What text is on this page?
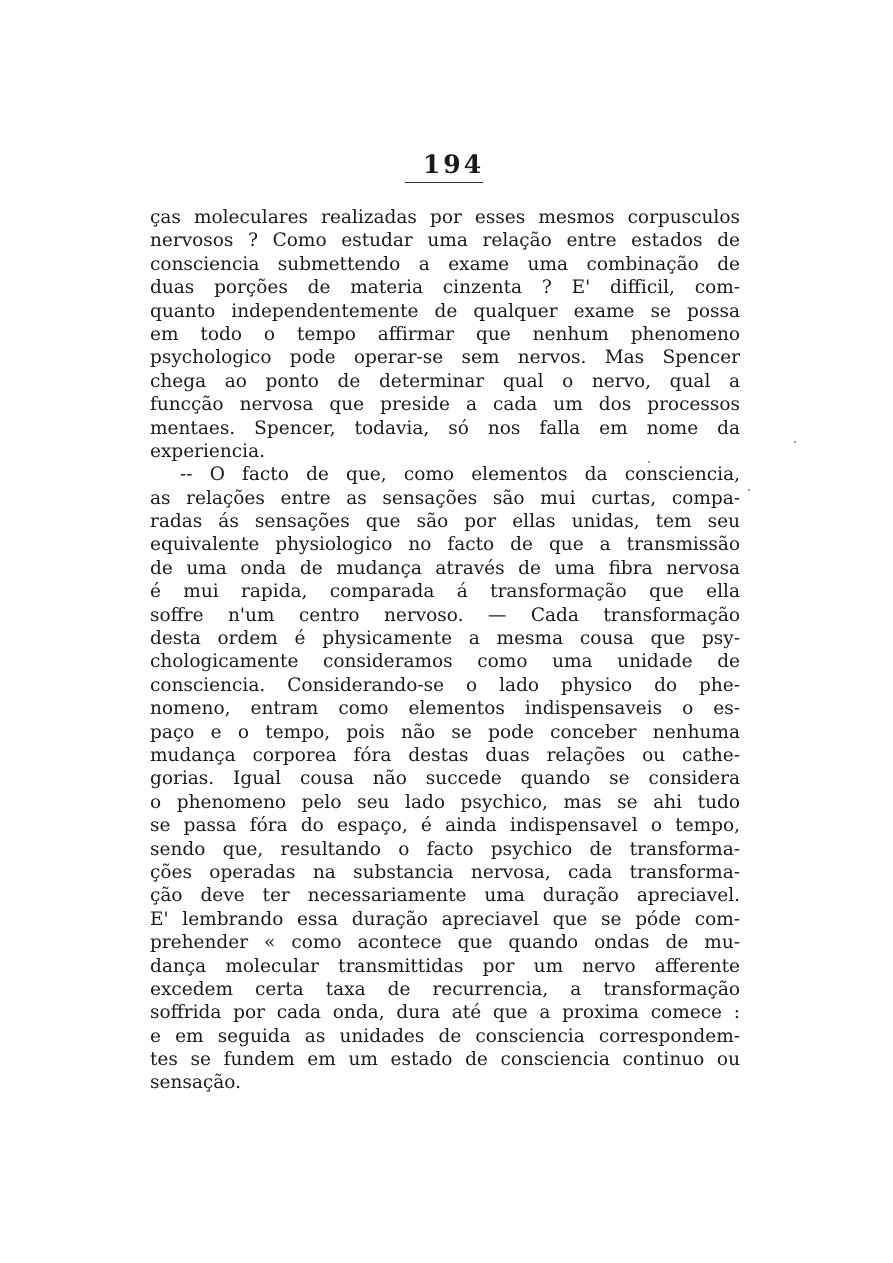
194
ças moleculares realizadas por esses mesmos corpusculos
nervosos ? Como estudar uma relação entre estados de
consciencia submettendo a exame uma combinação de
duas porções de materia cinzenta ? E' difficil, com-
quanto independentemente de qualquer exame se possa
em todo o tempo affirmar que nenhum phenomeno
psychologico pode operar-se sem nervos. Mas Spencer
chega ao ponto de determinar qual o nervo, qual a
funcção nervosa que preside a cada um dos processos
mentaes. Spencer, todavia, só nos falla em nome da
experiencia.
-- O facto de que, como elementos da consciencia,
as relações entre as sensações são mui curtas, compa-
radas ás sensações que são por ellas unidas, tem seu
equivalente physiologico no facto de que a transmissão
de uma onda de mudança através de uma fibra nervosa
é mui rapida, comparada á transformação que ella
soffre n'um centro nervoso. — Cada transformação
desta ordem é physicamente a mesma cousa que psy-
chologicamente consideramos como uma unidade de
consciencia. Considerando-se o lado physico do phe-
nomeno, entram como elementos indispensaveis o es-
paço e o tempo, pois não se pode conceber nenhuma
mudança corporea fóra destas duas relações ou cathe-
gorias. Igual cousa não succede quando se considera
o phenomeno pelo seu lado psychico, mas se ahi tudo
se passa fóra do espaço, é ainda indispensavel o tempo,
sendo que, resultando o facto psychico de transforma-
ções operadas na substancia nervosa, cada transforma-
ção deve ter necessariamente uma duração apreciavel.
E' lembrando essa duração apreciavel que se póde com-
prehender « como acontece que quando ondas de mu-
dança molecular transmittidas por um nervo afferente
excedem certa taxa de recurrencia, a transformação
soffrida por cada onda, dura até que a proxima comece :
e em seguida as unidades de consciencia correspondem-
tes se fundem em um estado de consciencia continuo ou
sensação.
